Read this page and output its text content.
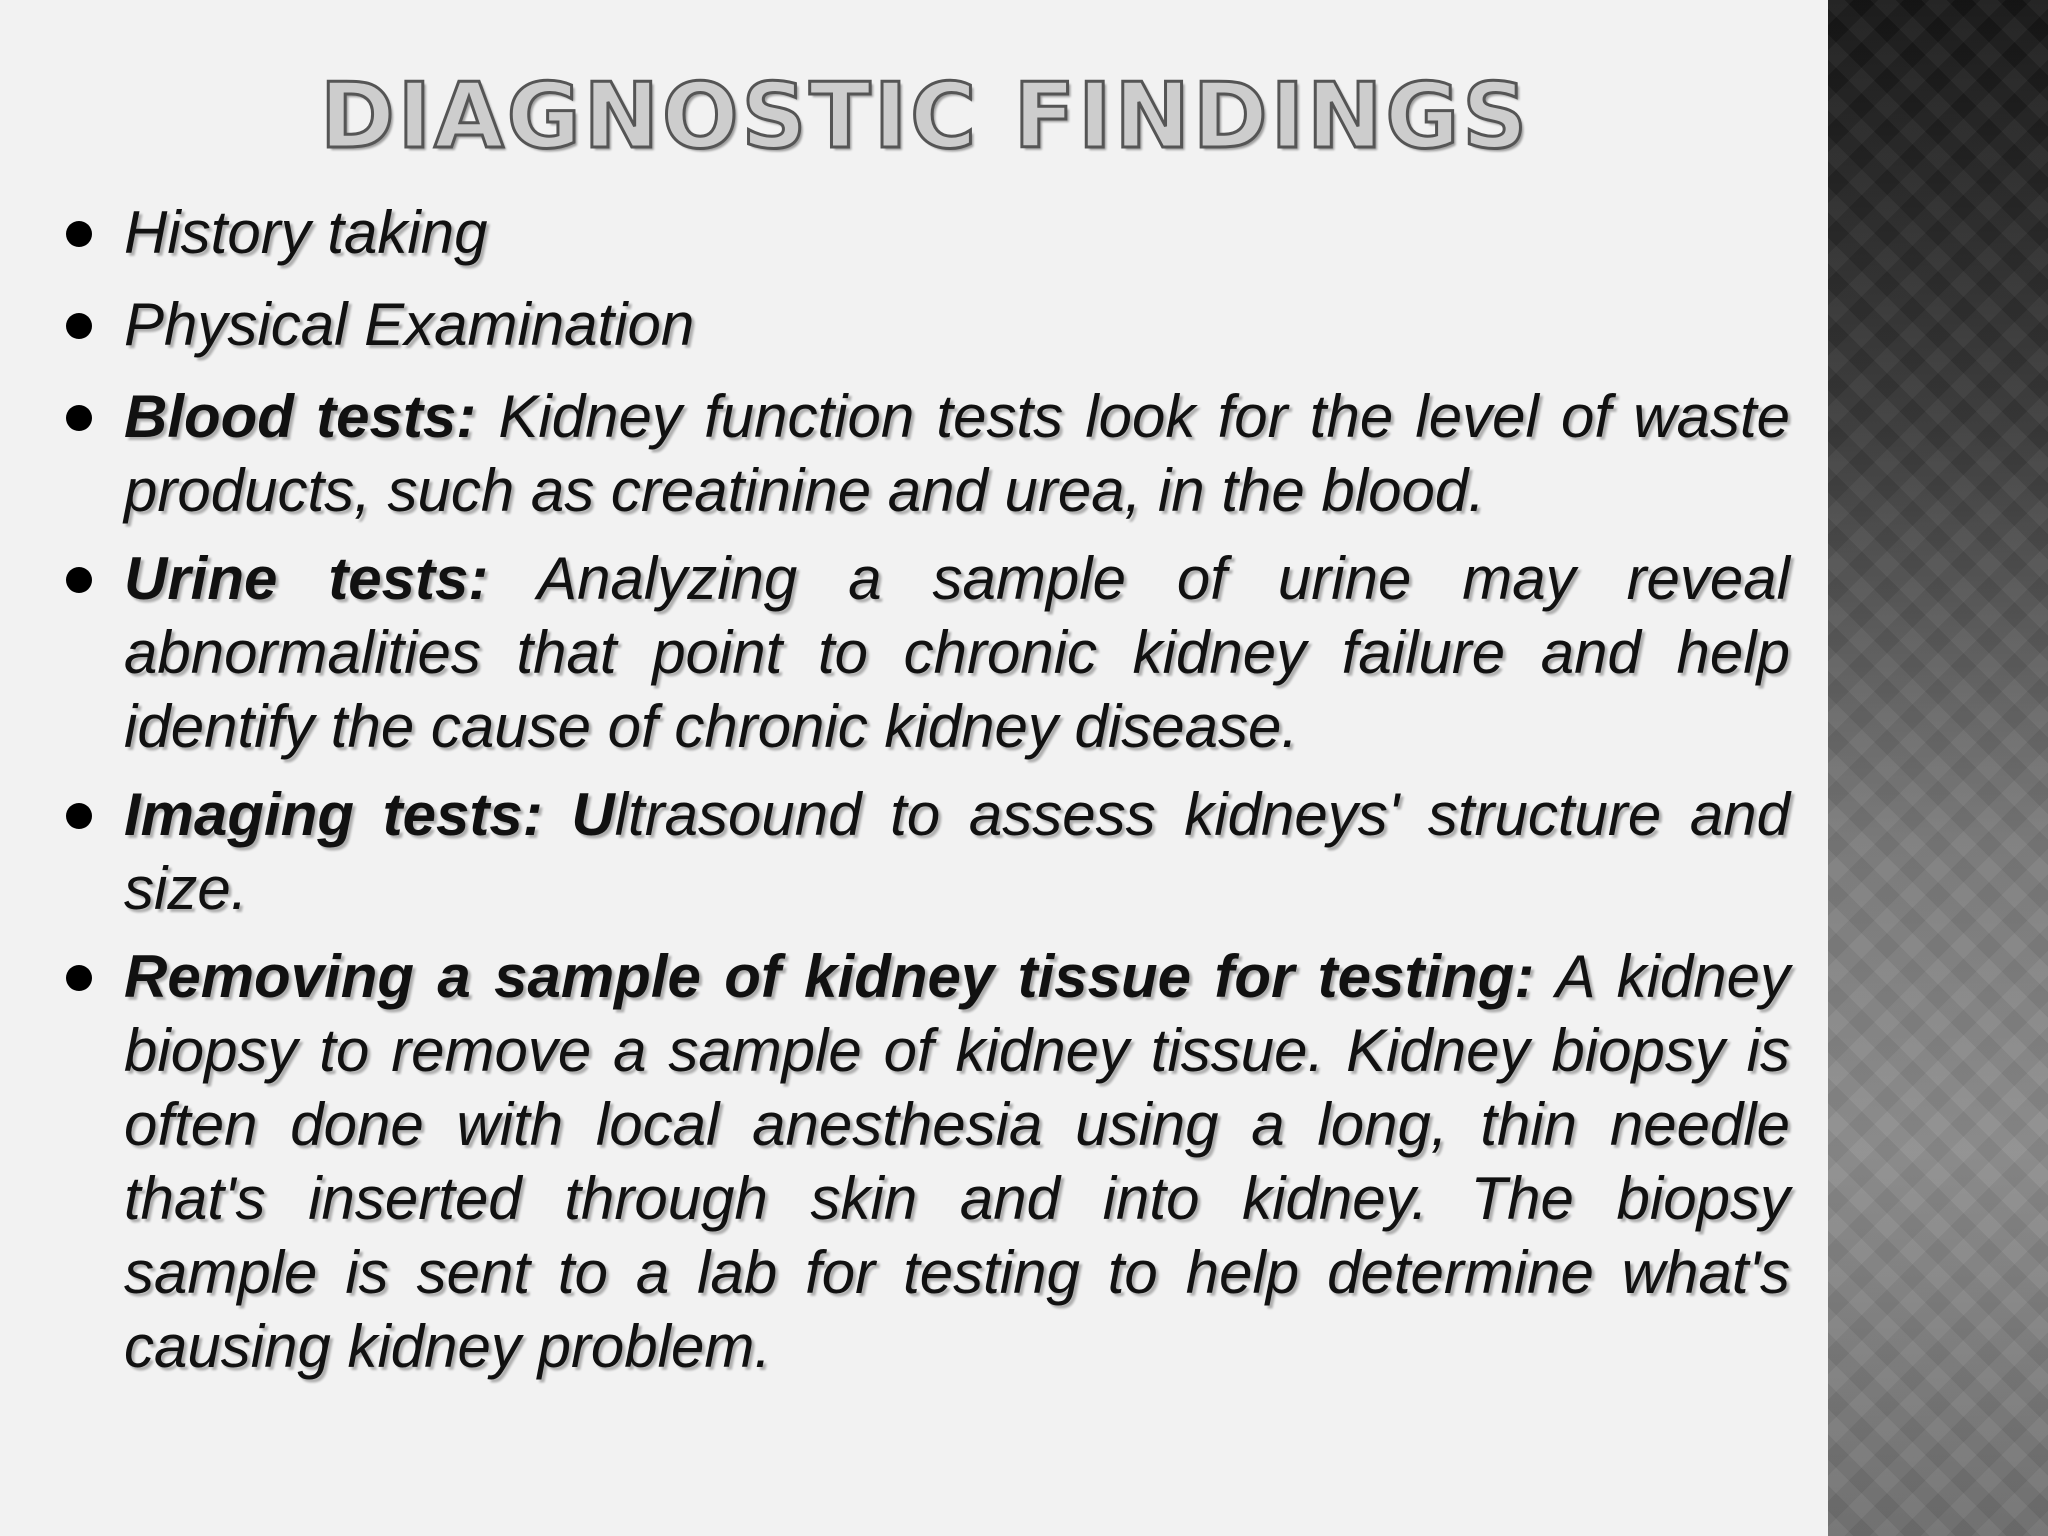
DIAGNOSTIC FINDINGS
History taking
Physical Examination
Blood tests: Kidney function tests look for the level of waste products, such as creatinine and urea, in the blood.
Urine tests: Analyzing a sample of urine may reveal abnormalities that point to chronic kidney failure and help identify the cause of chronic kidney disease.
Imaging tests: Ultrasound to assess kidneys' structure and size.
Removing a sample of kidney tissue for testing: A kidney biopsy to remove a sample of kidney tissue. Kidney biopsy is often done with local anesthesia using a long, thin needle that's inserted through skin and into kidney. The biopsy sample is sent to a lab for testing to help determine what's causing kidney problem.
